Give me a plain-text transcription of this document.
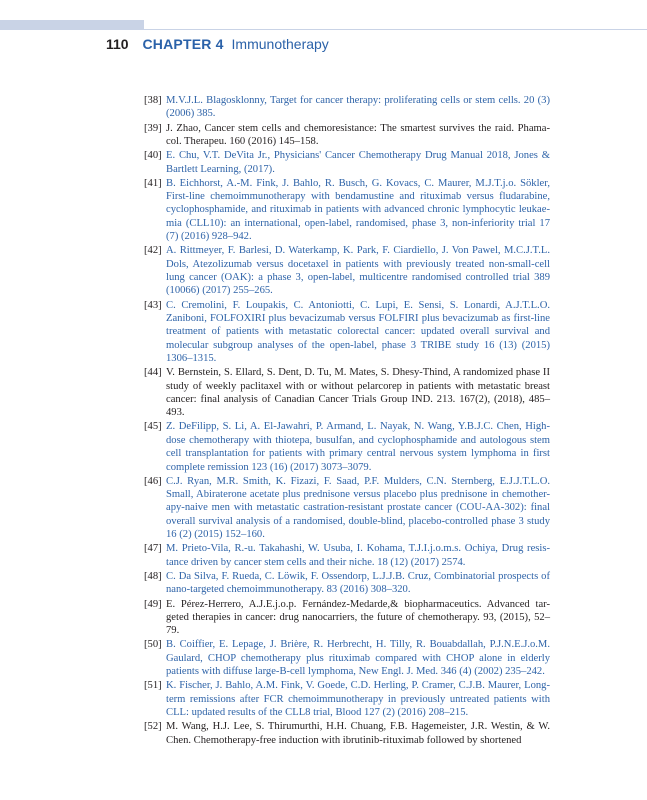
110 CHAPTER 4 Immunotherapy
[38] M.V.J.L. Blagosklonny, Target for cancer therapy: proliferating cells or stem cells. 20 (3) (2006) 385.
[39] J. Zhao, Cancer stem cells and chemoresistance: The smartest survives the raid. Phama-col. Therapeu. 160 (2016) 145–158.
[40] E. Chu, V.T. DeVita Jr., Physicians' Cancer Chemotherapy Drug Manual 2018, Jones & Bartlett Learning, (2017).
[41] B. Eichhorst, A.-M. Fink, J. Bahlo, R. Busch, G. Kovacs, C. Maurer, M.J.T.j.o. Sökler, First-line chemoimmunotherapy with bendamustine and rituximab versus fludarabine, cyclophosphamide, and rituximab in patients with advanced chronic lymphocytic leukae-mia (CLL10): an international, open-label, randomised, phase 3, non-inferiority trial 17 (7) (2016) 928–942.
[42] A. Rittmeyer, F. Barlesi, D. Waterkamp, K. Park, F. Ciardiello, J. Von Pawel, M.C.J.T.L. Dols, Atezolizumab versus docetaxel in patients with previously treated non-small-cell lung cancer (OAK): a phase 3, open-label, multicentre randomised controlled trial 389 (10066) (2017) 255–265.
[43] C. Cremolini, F. Loupakis, C. Antoniotti, C. Lupi, E. Sensi, S. Lonardi, A.J.T.L.O. Zaniboni, FOLFOXIRI plus bevacizumab versus FOLFIRI plus bevacizumab as first-line treatment of patients with metastatic colorectal cancer: updated overall survival and molecular subgroup analyses of the open-label, phase 3 TRIBE study 16 (13) (2015) 1306–1315.
[44] V. Bernstein, S. Ellard, S. Dent, D. Tu, M. Mates, S. Dhesy-Thind, A randomized phase II study of weekly paclitaxel with or without pelarcorep in patients with metastatic breast cancer: final analysis of Canadian Cancer Trials Group IND. 213. 167(2), (2018), 485–493.
[45] Z. DeFilipp, S. Li, A. El-Jawahri, P. Armand, L. Nayak, N. Wang, Y.B.J.C. Chen, High-dose chemotherapy with thiotepa, busulfan, and cyclophosphamide and autologous stem cell transplantation for patients with primary central nervous system lymphoma in first complete remission 123 (16) (2017) 3073–3079.
[46] C.J. Ryan, M.R. Smith, K. Fizazi, F. Saad, P.F. Mulders, C.N. Sternberg, E.J.J.T.L.O. Small, Abiraterone acetate plus prednisone versus placebo plus prednisone in chemother-apy-naive men with metastatic castration-resistant prostate cancer (COU-AA-302): final overall survival analysis of a randomised, double-blind, placebo-controlled phase 3 study 16 (2) (2015) 152–160.
[47] M. Prieto-Vila, R.-u. Takahashi, W. Usuba, I. Kohama, T.J.I.j.o.m.s. Ochiya, Drug resis-tance driven by cancer stem cells and their niche. 18 (12) (2017) 2574.
[48] C. Da Silva, F. Rueda, C. Löwik, F. Ossendorp, L.J.J.B. Cruz, Combinatorial prospects of nano-targeted chemoimmunotherapy. 83 (2016) 308–320.
[49] E. Pérez-Herrero, A.J.E.j.o.p. Fernández-Medarde,& biopharmaceutics. Advanced tar-geted therapies in cancer: drug nanocarriers, the future of chemotherapy. 93, (2015), 52–79.
[50] B. Coiffier, E. Lepage, J. Brière, R. Herbrecht, H. Tilly, R. Bouabdallah, P.J.N.E.J.o.M. Gaulard, CHOP chemotherapy plus rituximab compared with CHOP alone in elderly patients with diffuse large-B-cell lymphoma, New Engl. J. Med. 346 (4) (2002) 235–242.
[51] K. Fischer, J. Bahlo, A.M. Fink, V. Goede, C.D. Herling, P. Cramer, C.J.B. Maurer, Long-term remissions after FCR chemoimmunotherapy in previously untreated patients with CLL: updated results of the CLL8 trial, Blood 127 (2) (2016) 208–215.
[52] M. Wang, H.J. Lee, S. Thirumurthi, H.H. Chuang, F.B. Hagemeister, J.R. Westin, & W. Chen. Chemotherapy-free induction with ibrutinib-rituximab followed by shortened
